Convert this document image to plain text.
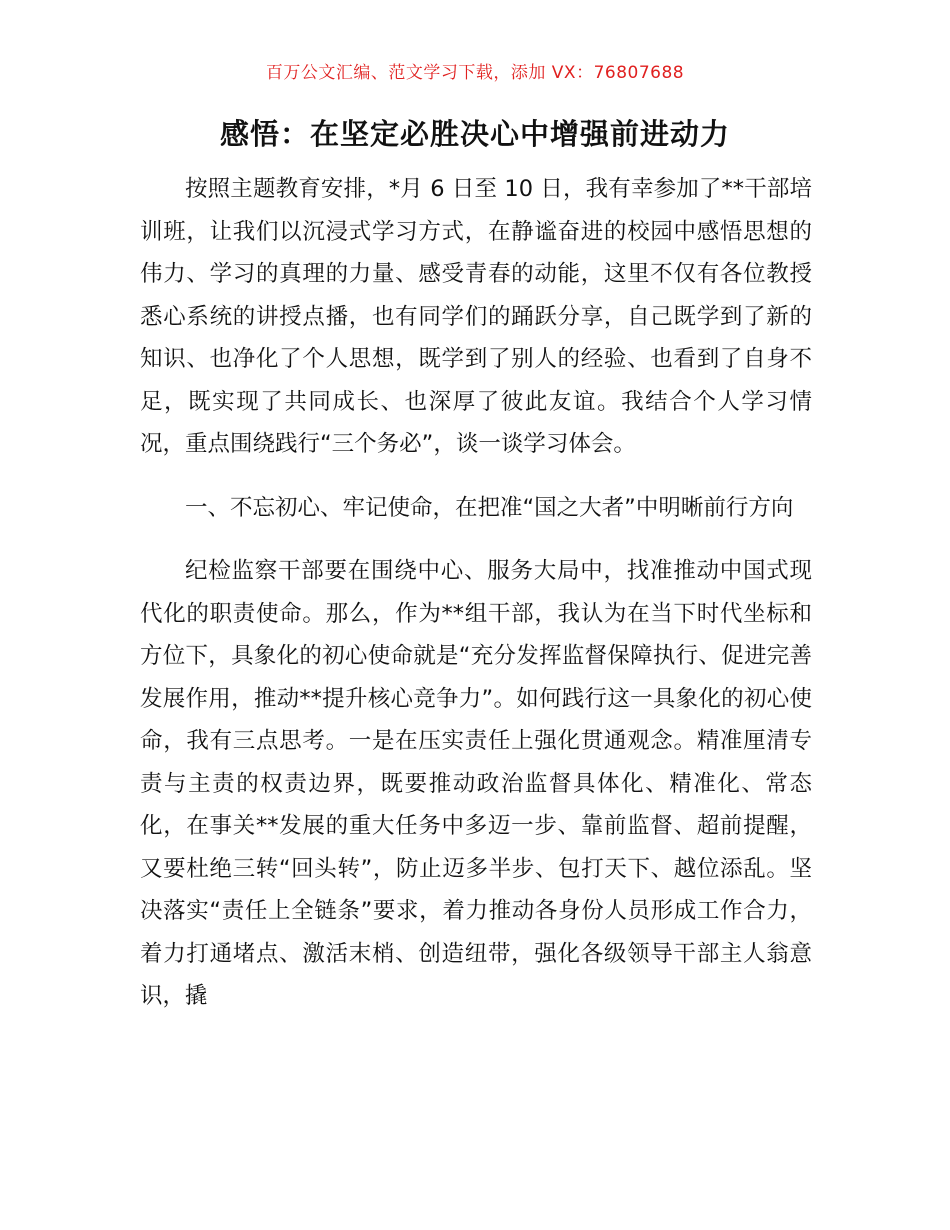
百万公文汇编、范文学习下载，添加 VX：76807688
感悟：在坚定必胜决心中增强前进动力

按照主题教育安排，*月 6 日至 10 日，我有幸参加了**干部培训班，让我们以沉浸式学习方式，在静谧奋进的校园中感悟思想的伟力、学习的真理的力量、感受青春的动能，这里不仅有各位教授悉心系统的讲授点播，也有同学们的踊跃分享，自己既学到了新的知识、也净化了个人思想，既学到了别人的经验、也看到了自身不足，既实现了共同成长、也深厚了彼此友谊。我结合个人学习情况，重点围绕践行“三个务必”，谈一谈学习体会。

一、不忘初心、牢记使命，在把准“国之大者”中明晰前行方向

纪检监察干部要在围绕中心、服务大局中，找准推动中国式现代化的职责使命。那么，作为**组干部，我认为在当下时代坐标和方位下，具象化的初心使命就是“充分发挥监督保障执行、促进完善发展作用，推动**提升核心竞争力”。如何践行这一具象化的初心使命，我有三点思考。一是在压实责任上强化贯通观念。精准厘清专责与主责的权责边界，既要推动政治监督具体化、精准化、常态化，在事关**发展的重大任务中多迈一步、靠前监督、超前提醒，又要杜绝三转“回头转”，防止迈多半步、包打天下、越位添乱。坚决落实“责任上全链条”要求，着力推动各身份人员形成工作合力，着力打通堵点、激活末梢、创造纽带，强化各级领导干部主人翁意识，撬
